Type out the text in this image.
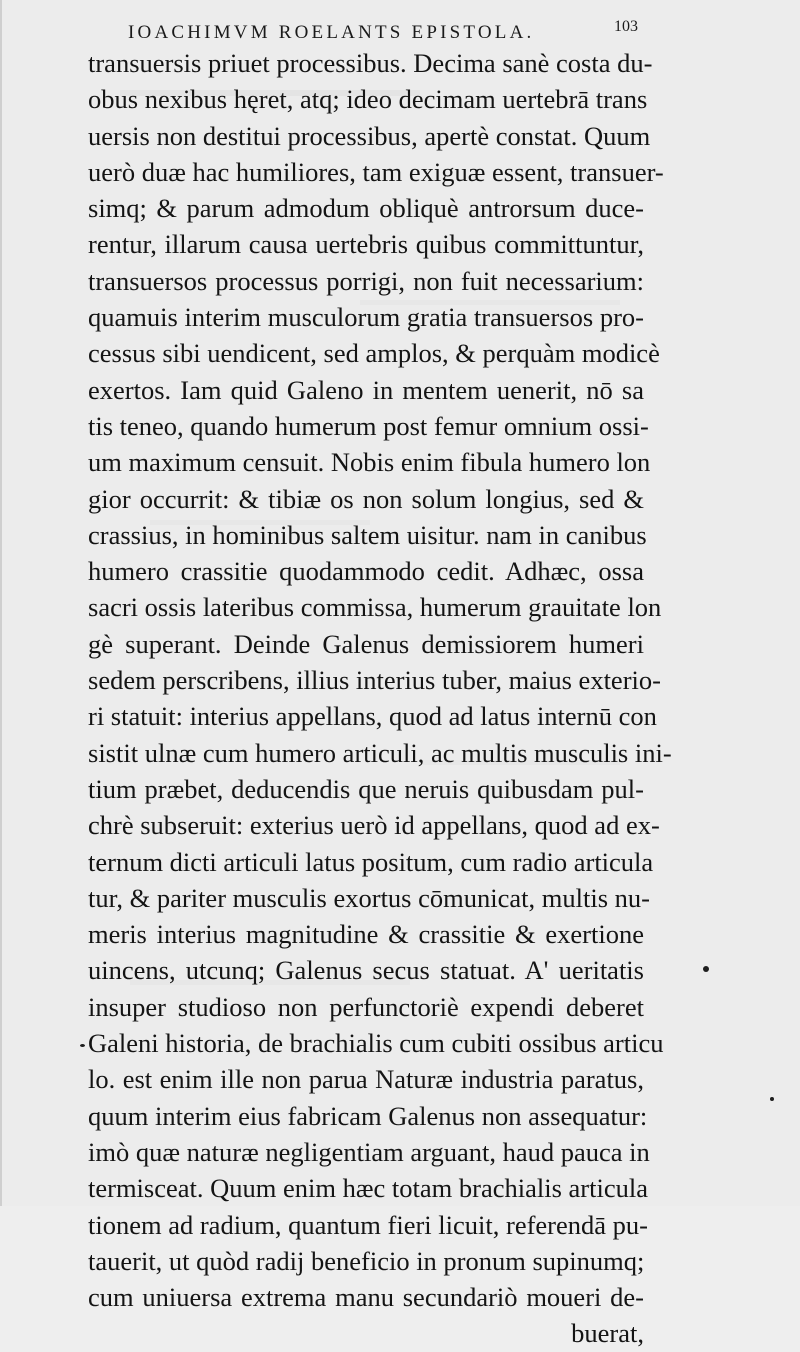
IOACHIMVM ROELANTS EPISTOLA.	103
transuersis priuet processibus. Decima sanè costa du-
obus nexibus hęret, atq; ideo decimam uertebrā trans
uersis non destitui processibus, apertè constat. Quum
uerò duæ hac humiliores, tam exiguæ essent, transuer-
simq; & parum admodum obliquè antrorsum duce-
rentur, illarum causa uertebris quibus committuntur,
transuersos processus porrigi, non fuit necessarium:
quamuis interim musculorum gratia transuersos pro-
cessus sibi uendicent, sed amplos, & perquàm modicè
exertos. Iam quid Galeno in mentem uenerit, nō sa
tis teneo, quando humerum post femur omnium ossi-
um maximum censuit. Nobis enim fibula humero lon
gior occurrit: & tibiæ os non solum longius, sed &
crassius, in hominibus saltem uisitur. nam in canibus
humero crassitie quodammodo cedit. Adhæc, ossa
sacri ossis lateribus commissa, humerum grauitate lon
gè superant. Deinde Galenus demissiorem humeri
sedem perscribens, illius interius tuber, maius exterio-
ri statuit: interius appellans, quod ad latus internū con
sistit ulnæ cum humero articuli, ac multis musculis ini-
tium præbet, deducendis que neruis quibusdam pul-
chrè subseruit: exterius uerò id appellans, quod ad ex-
ternum dicti articuli latus positum, cum radio articula
tur, & pariter musculis exortus cōmunicat, multis nu-
meris interius magnitudine & crassitie & exertione
uincens, utcunq; Galenus secus statuat. A' ueritatis
insuper studioso non perfunctoriè expendi deberet
Galeni historia, de brachialis cum cubiti ossibus articu
lo. est enim ille non parua Naturæ industria paratus,
quum interim eius fabricam Galenus non assequatur:
imò quæ naturæ negligentiam arguant, haud pauca in
termisceat. Quum enim hæc totam brachialis articula
tionem ad radium, quantum fieri licuit, referendā pu-
tauerit, ut quòd radij beneficio in pronum supinumq;
cum uniuersa extrema manu secundariò moueri de-
buerat,
